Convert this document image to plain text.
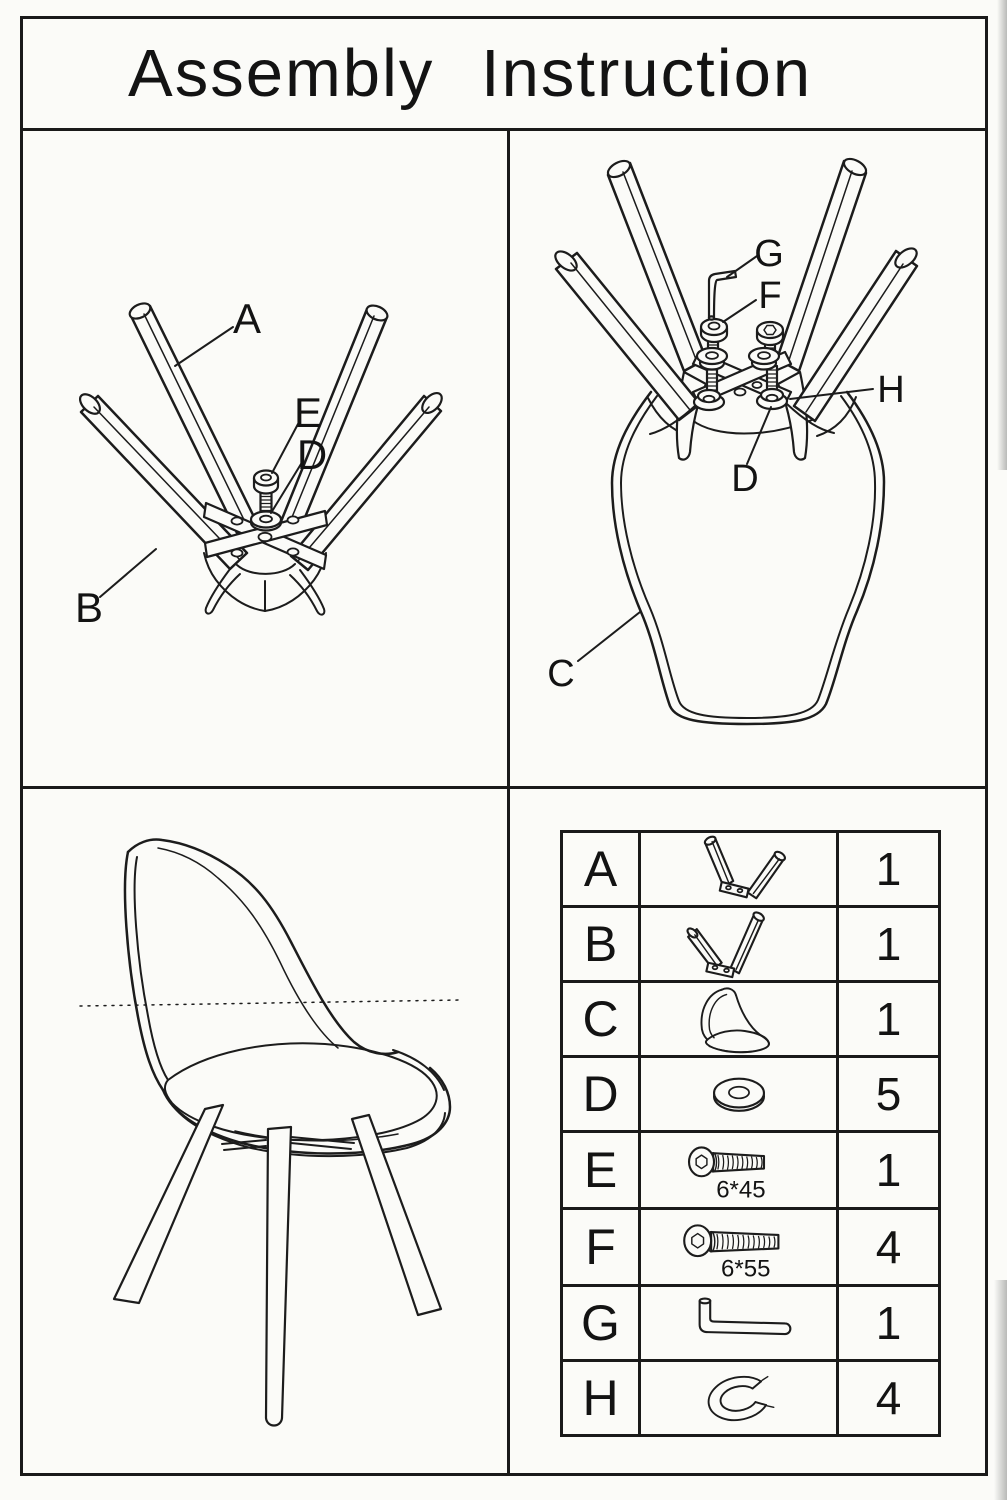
Assembly Instruction
A
E
D
B
G
F
H
D
C
A		1
B		1
C		1
D		5
E	6*45	1
F	6*55	4
G		1
H		4
